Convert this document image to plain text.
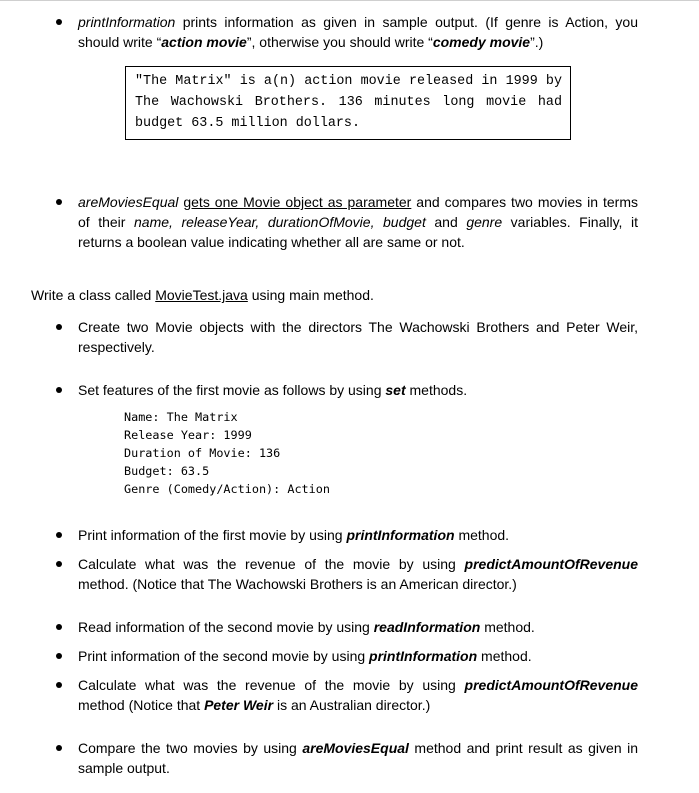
printInformation prints information as given in sample output. (If genre is Action, you should write “action movie”, otherwise you should write “comedy movie”.)
"The Matrix" is a(n) action movie released in 1999 by The Wachowski Brothers. 136 minutes long movie had budget 63.5 million dollars.
areMoviesEqual gets one Movie object as parameter and compares two movies in terms of their name, releaseYear, durationOfMovie, budget and genre variables. Finally, it returns a boolean value indicating whether all are same or not.
Write a class called MovieTest.java using main method.
Create two Movie objects with the directors The Wachowski Brothers and Peter Weir, respectively.
Set features of the first movie as follows by using set methods.
Name: The Matrix
Release Year: 1999
Duration of Movie: 136
Budget: 63.5
Genre (Comedy/Action): Action
Print information of the first movie by using printInformation method.
Calculate what was the revenue of the movie by using predictAmountOfRevenue method. (Notice that The Wachowski Brothers is an American director.)
Read information of the second movie by using readInformation method.
Print information of the second movie by using printInformation method.
Calculate what was the revenue of the movie by using predictAmountOfRevenue method (Notice that Peter Weir is an Australian director.)
Compare the two movies by using areMoviesEqual method and print result as given in sample output.
